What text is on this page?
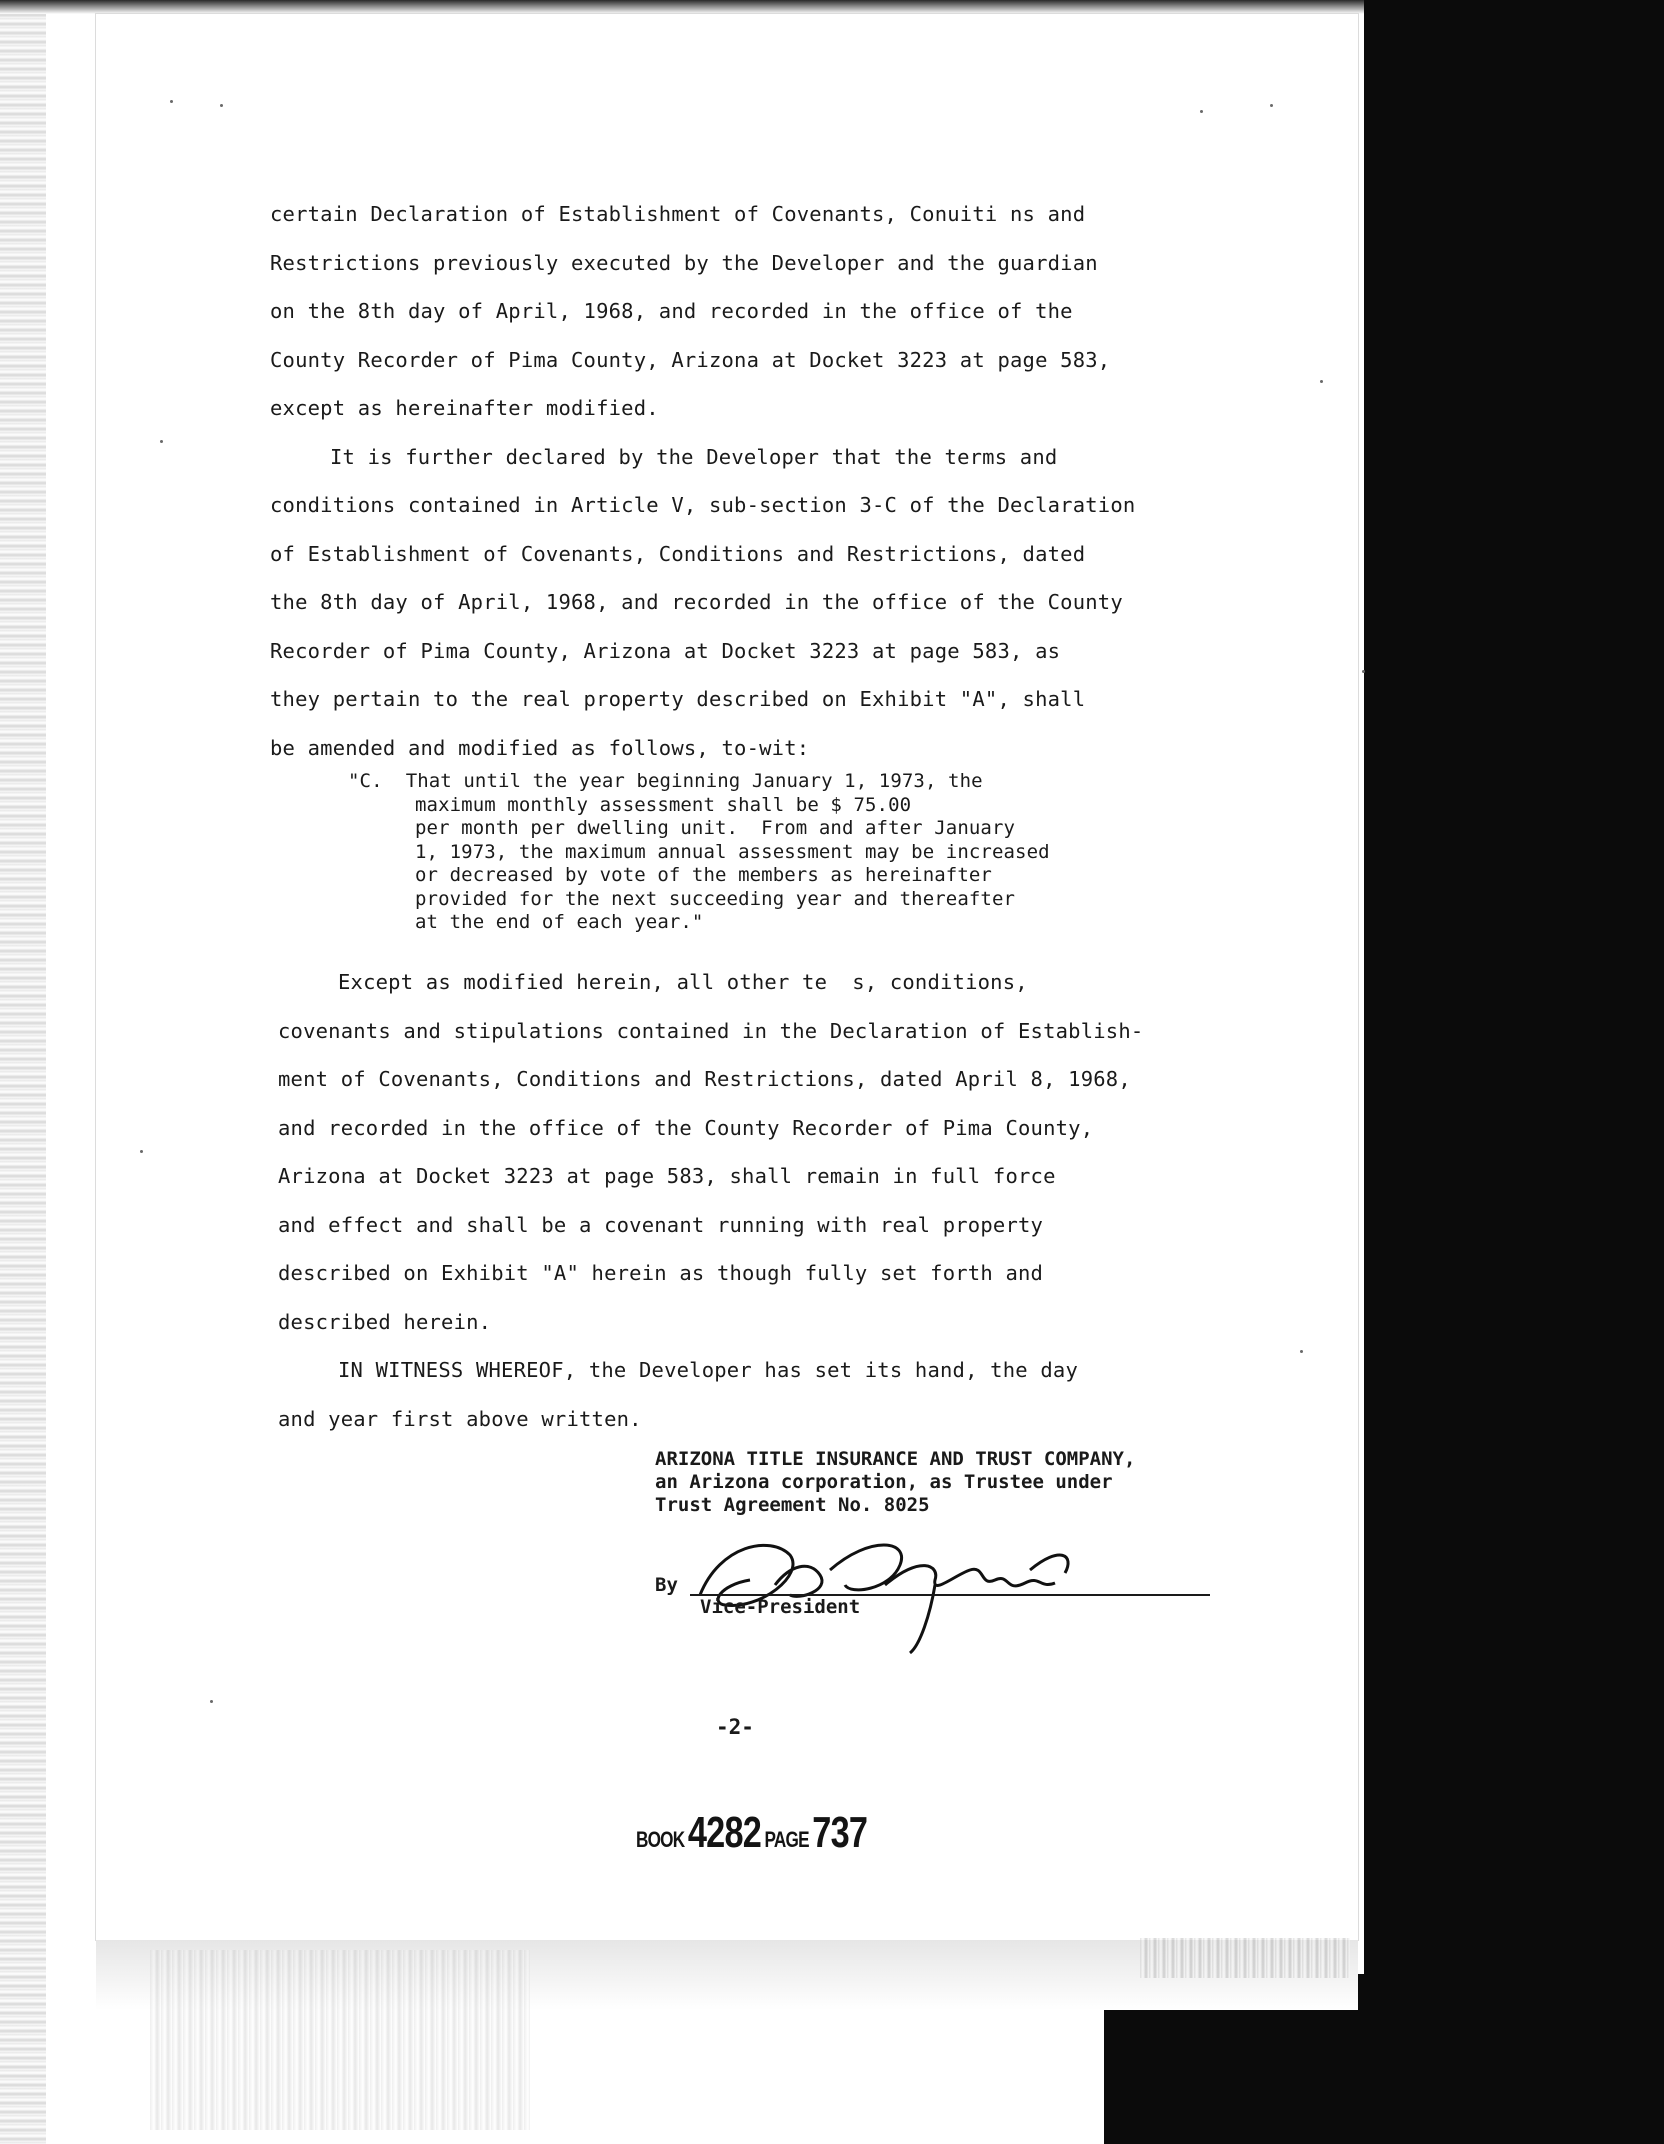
certain Declaration of Establishment of Covenants, Conuiti ns and
Restrictions previously executed by the Developer and the guardian
on the 8th day of April, 1968, and recorded in the office of the
County Recorder of Pima County, Arizona at Docket 3223 at page 583,
except as hereinafter modified.
It is further declared by the Developer that the terms and
conditions contained in Article V, sub-section 3-C of the Declaration
of Establishment of Covenants, Conditions and Restrictions, dated
the 8th day of April, 1968, and recorded in the office of the County
Recorder of Pima County, Arizona at Docket 3223 at page 583, as
they pertain to the real property described on Exhibit "A", shall
be amended and modified as follows, to-wit:
"C.  That until the year beginning January 1, 1973, the
maximum monthly assessment shall be $ 75.00
per month per dwelling unit.  From and after January
1, 1973, the maximum annual assessment may be increased
or decreased by vote of the members as hereinafter
provided for the next succeeding year and thereafter
at the end of each year."
Except as modified herein, all other te  s, conditions,
covenants and stipulations contained in the Declaration of Establish-
ment of Covenants, Conditions and Restrictions, dated April 8, 1968,
and recorded in the office of the County Recorder of Pima County,
Arizona at Docket 3223 at page 583, shall remain in full force
and effect and shall be a covenant running with real property
described on Exhibit "A" herein as though fully set forth and
described herein.
IN WITNESS WHEREOF, the Developer has set its hand, the day
and year first above written.
ARIZONA TITLE INSURANCE AND TRUST COMPANY,
an Arizona corporation, as Trustee under
Trust Agreement No. 8025
By
Vice-President
-2-
BOOK 4282 PAGE 737
